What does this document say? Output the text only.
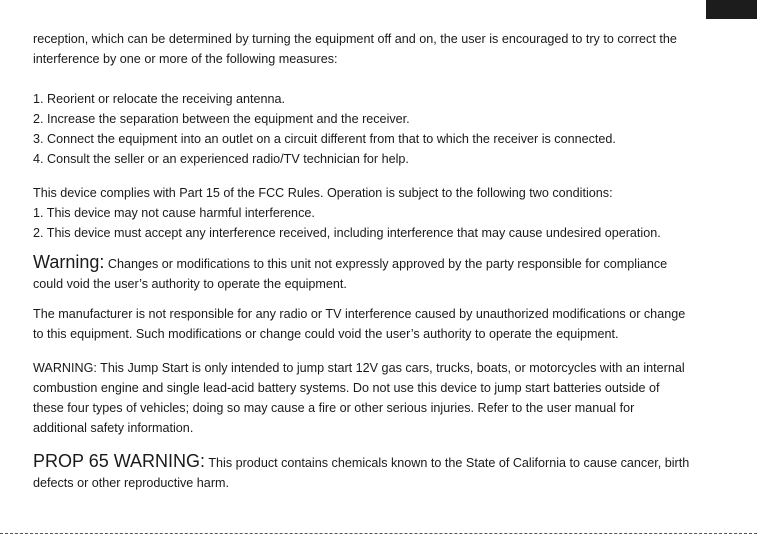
reception, which can be determined by turning the equipment off and on, the user is encouraged to try to correct the

interference by one or more of the following measures:

1. Reorient or relocate the receiving antenna.

2. Increase the separation between the equipment and the receiver.

3. Connect the equipment into an outlet on a circuit different from that to which the receiver is connected.

4. Consult the seller or an experienced radio/TV technician for help.

This device complies with Part 15 of the FCC Rules. Operation is subject to the following two conditions:

1. This device may not cause harmful interference.

2. This device must accept any interference received, including interference that may cause undesired operation.

Warning: Changes or modifications to this unit not expressly approved by the party responsible for compliance

could void the user’s authority to operate the equipment.

The manufacturer is not responsible for any radio or TV interference caused by unauthorized modifications or change

to this equipment. Such modifications or change could void the user’s authority to operate the equipment.

WARNING: This Jump Start is only intended to jump start 12V gas cars, trucks, boats, or motorcycles with an internal

combustion engine and single lead-acid battery systems. Do not use this device to jump start batteries outside of

these four types of vehicles; doing so may cause a fire or other serious injuries. Refer to the user manual for

additional safety information.

PROP 65 WARNING: This product contains chemicals known to the State of California to cause cancer, birth

defects or other reproductive harm.
